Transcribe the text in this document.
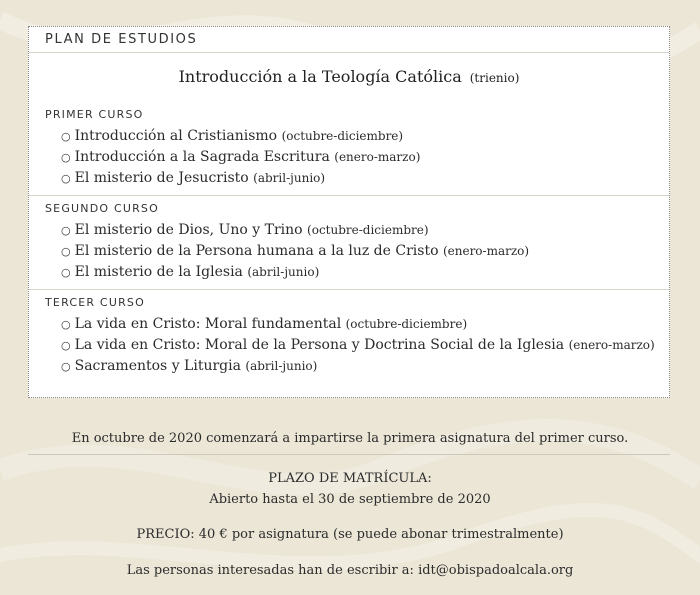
PLAN DE ESTUDIOS
Introducción a la Teología Católica (trienio)
PRIMER CURSO
○ Introducción al Cristianismo (octubre-diciembre)
○ Introducción a la Sagrada Escritura (enero-marzo)
○ El misterio de Jesucristo (abril-junio)
SEGUNDO CURSO
○ El misterio de Dios, Uno y Trino (octubre-diciembre)
○ El misterio de la Persona humana a la luz de Cristo (enero-marzo)
○ El misterio de la Iglesia (abril-junio)
TERCER CURSO
○ La vida en Cristo: Moral fundamental (octubre-diciembre)
○ La vida en Cristo: Moral de la Persona y Doctrina Social de la Iglesia (enero-marzo)
○ Sacramentos y Liturgia (abril-junio)
En octubre de 2020 comenzará a impartirse la primera asignatura del primer curso.
PLAZO DE MATRÍCULA:
Abierto hasta el 30 de septiembre de 2020
PRECIO: 40 € por asignatura (se puede abonar trimestralmente)
Las personas interesadas han de escribir a: idt@obispadoalcala.org
